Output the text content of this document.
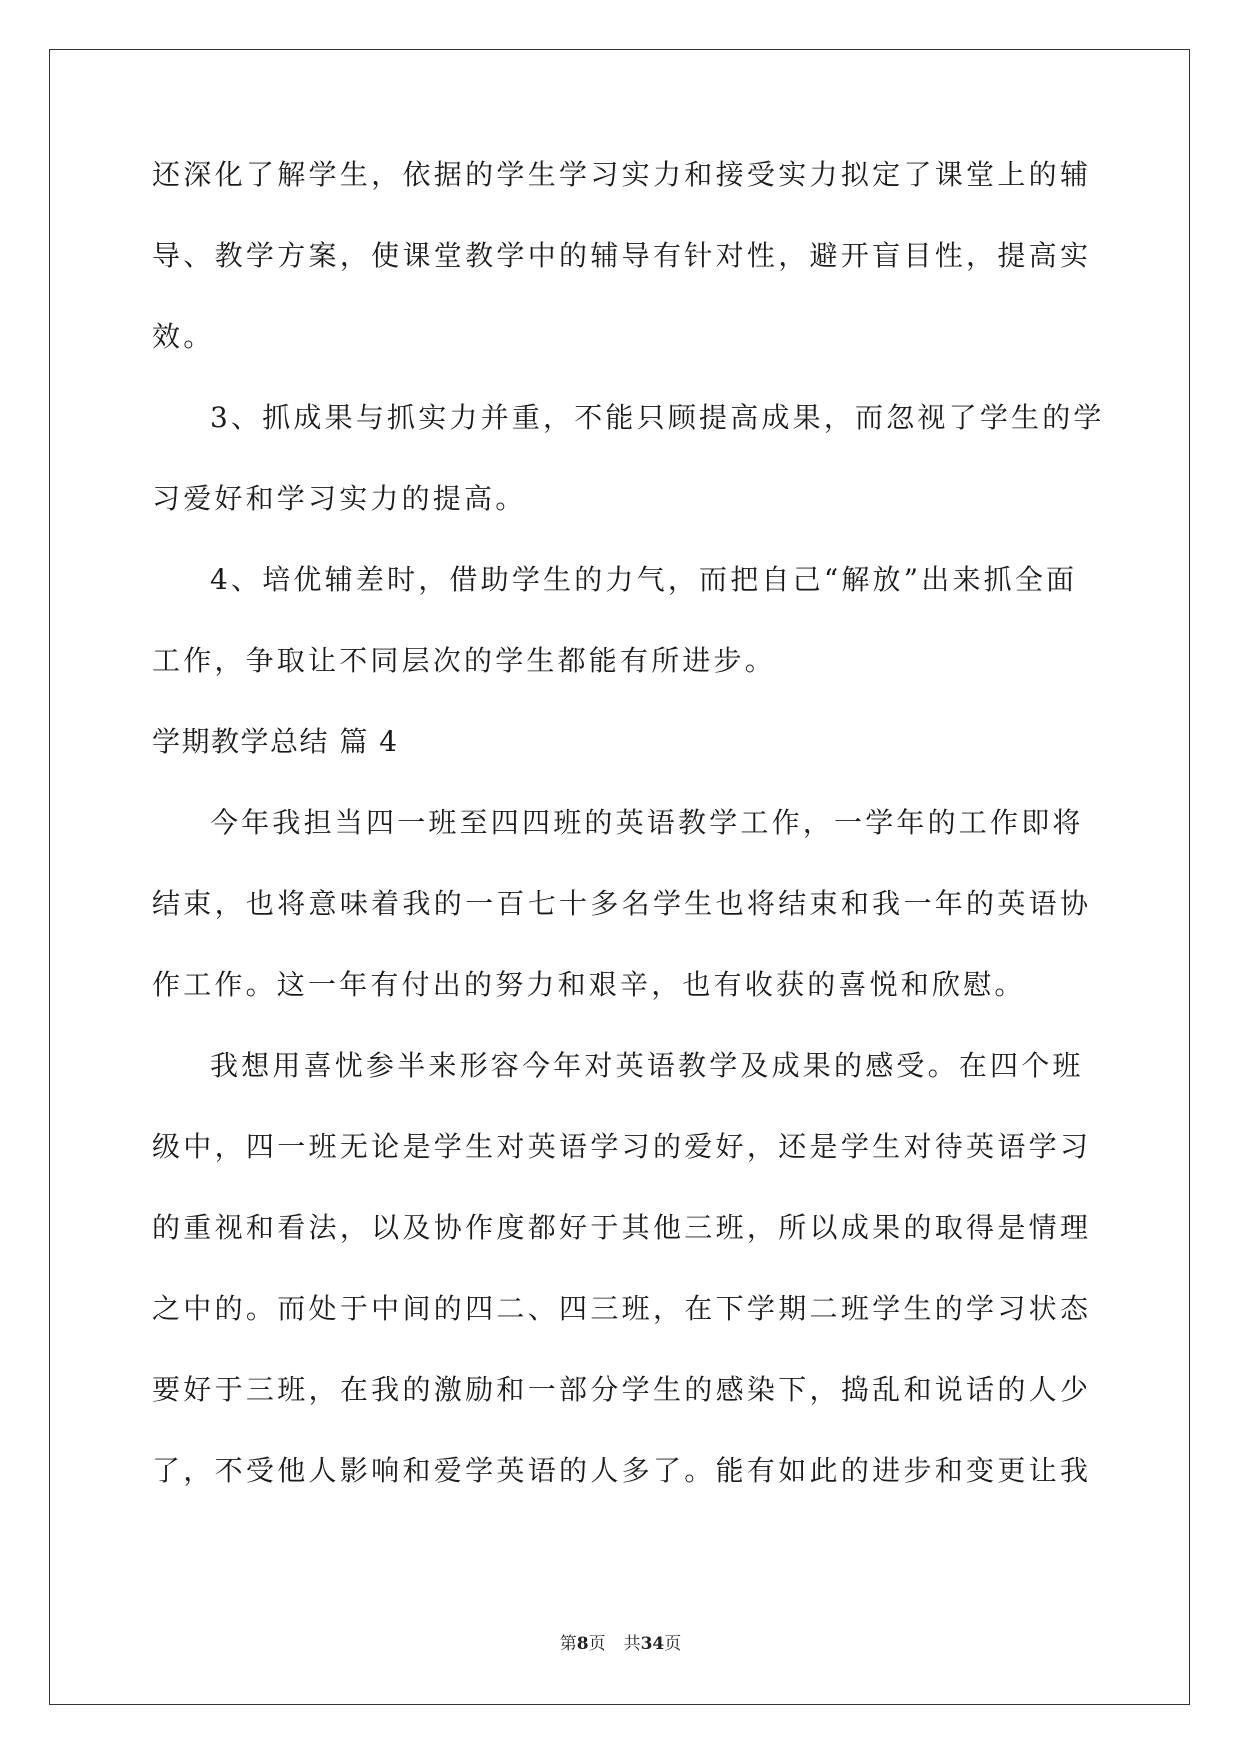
还深化了解学生，依据的学生学习实力和接受实力拟定了课堂上的辅
导、教学方案，使课堂教学中的辅导有针对性，避开盲目性，提高实
效。
3、抓成果与抓实力并重，不能只顾提高成果，而忽视了学生的学
习爱好和学习实力的提高。
4、培优辅差时，借助学生的力气，而把自己“解放”出来抓全面
工作，争取让不同层次的学生都能有所进步。
学期教学总结 篇 4
今年我担当四一班至四四班的英语教学工作，一学年的工作即将
结束，也将意味着我的一百七十多名学生也将结束和我一年的英语协
作工作。这一年有付出的努力和艰辛，也有收获的喜悦和欣慰。
我想用喜忧参半来形容今年对英语教学及成果的感受。在四个班
级中，四一班无论是学生对英语学习的爱好，还是学生对待英语学习
的重视和看法，以及协作度都好于其他三班，所以成果的取得是情理
之中的。而处于中间的四二、四三班，在下学期二班学生的学习状态
要好于三班，在我的激励和一部分学生的感染下，捣乱和说话的人少
了，不受他人影响和爱学英语的人多了。能有如此的进步和变更让我
第8页 共34页
